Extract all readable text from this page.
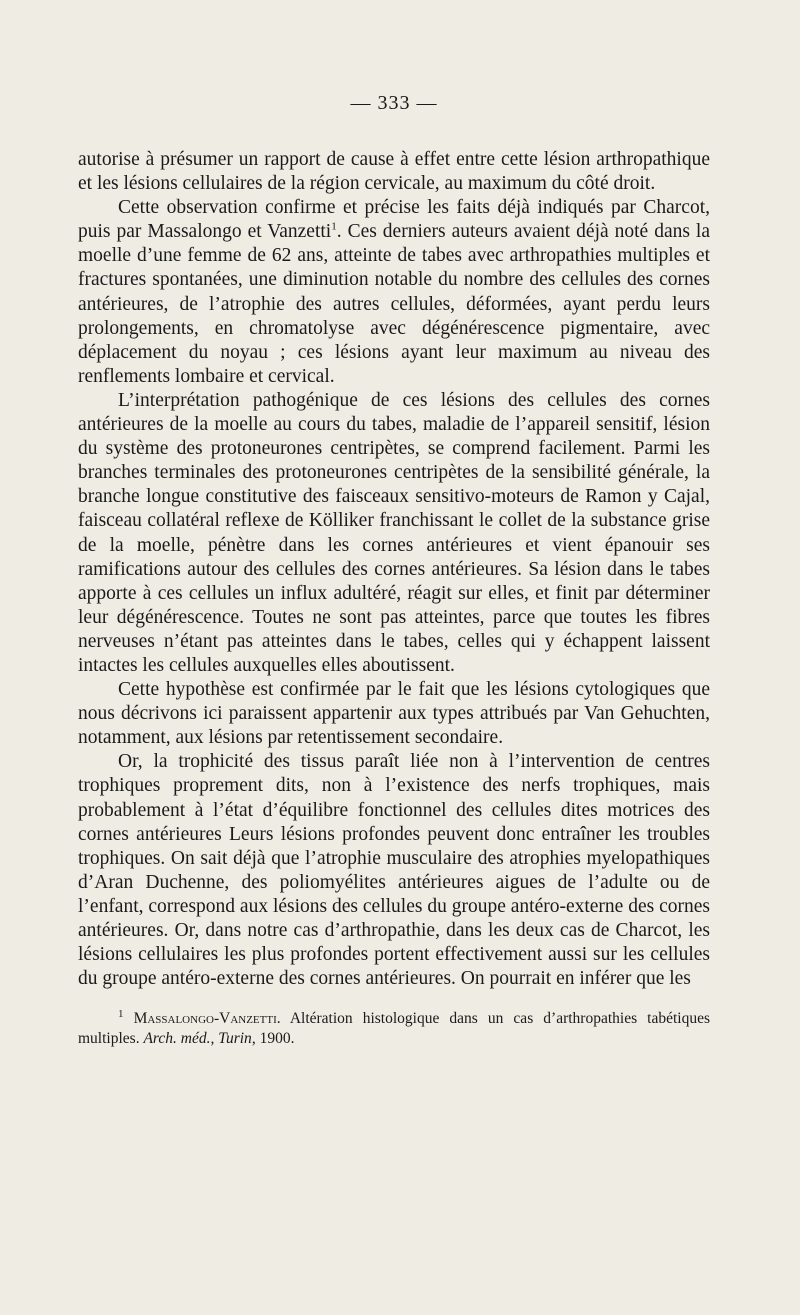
— 333 —

autorise à présumer un rapport de cause à effet entre cette lésion arthropathique et les lésions cellulaires de la région cervicale, au maximum du côté droit.

Cette observation confirme et précise les faits déjà indiqués par Charcot, puis par Massalongo et Vanzetti$^1$. Ces derniers auteurs avaient déjà noté dans la moelle d’une femme de 62 ans, atteinte de tabes avec arthropathies multiples et fractures spontanées, une diminution notable du nombre des cellules des cornes antérieures, de l’atrophie des autres cellules, déformées, ayant perdu leurs prolongements, en chromatolyse avec dégénérescence pigmentaire, avec déplacement du noyau ; ces lésions ayant leur maximum au niveau des renflements lombaire et cervical.

L’interprétation pathogénique de ces lésions des cellules des cornes antérieures de la moelle au cours du tabes, maladie de l’appareil sensitif, lésion du système des protoneurones centripètes, se comprend facilement. Parmi les branches terminales des protoneurones centripètes de la sensibilité générale, la branche longue constitutive des faisceaux sensitivo-moteurs de Ramon y Cajal, faisceau collatéral reflexe de Kölliker franchissant le collet de la substance grise de la moelle, pénètre dans les cornes antérieures et vient épanouir ses ramifications autour des cellules des cornes antérieures. Sa lésion dans le tabes apporte à ces cellules un influx adultéré, réagit sur elles, et finit par déterminer leur dégénérescence. Toutes ne sont pas atteintes, parce que toutes les fibres nerveuses n’étant pas atteintes dans le tabes, celles qui y échappent laissent intactes les cellules auxquelles elles aboutissent.

Cette hypothèse est confirmée par le fait que les lésions cytologiques que nous décrivons ici paraissent appartenir aux types attribués par Van Gehuchten, notamment, aux lésions par retentissement secondaire.

Or, la trophicité des tissus paraît liée non à l’intervention de centres trophiques proprement dits, non à l’existence des nerfs trophiques, mais probablement à l’état d’équilibre fonctionnel des cellules dites motrices des cornes antérieures Leurs lésions profondes peuvent donc entraîner les troubles trophiques. On sait déjà que l’atrophie musculaire des atrophies myelopathiques d’Aran Duchenne, des poliomyélites antérieures aigues de l’adulte ou de l’enfant, correspond aux lésions des cellules du groupe antéro-externe des cornes antérieures. Or, dans notre cas d’arthropathie, dans les deux cas de Charcot, les lésions cellulaires les plus profondes portent effectivement aussi sur les cellules du groupe antéro-externe des cornes antérieures. On pourrait en inférer que les

$^1$ Massalongo-Vanzetti. Altération histologique dans un cas d’arthropathies tabétiques multiples. Arch. méd., Turin, 1900.
